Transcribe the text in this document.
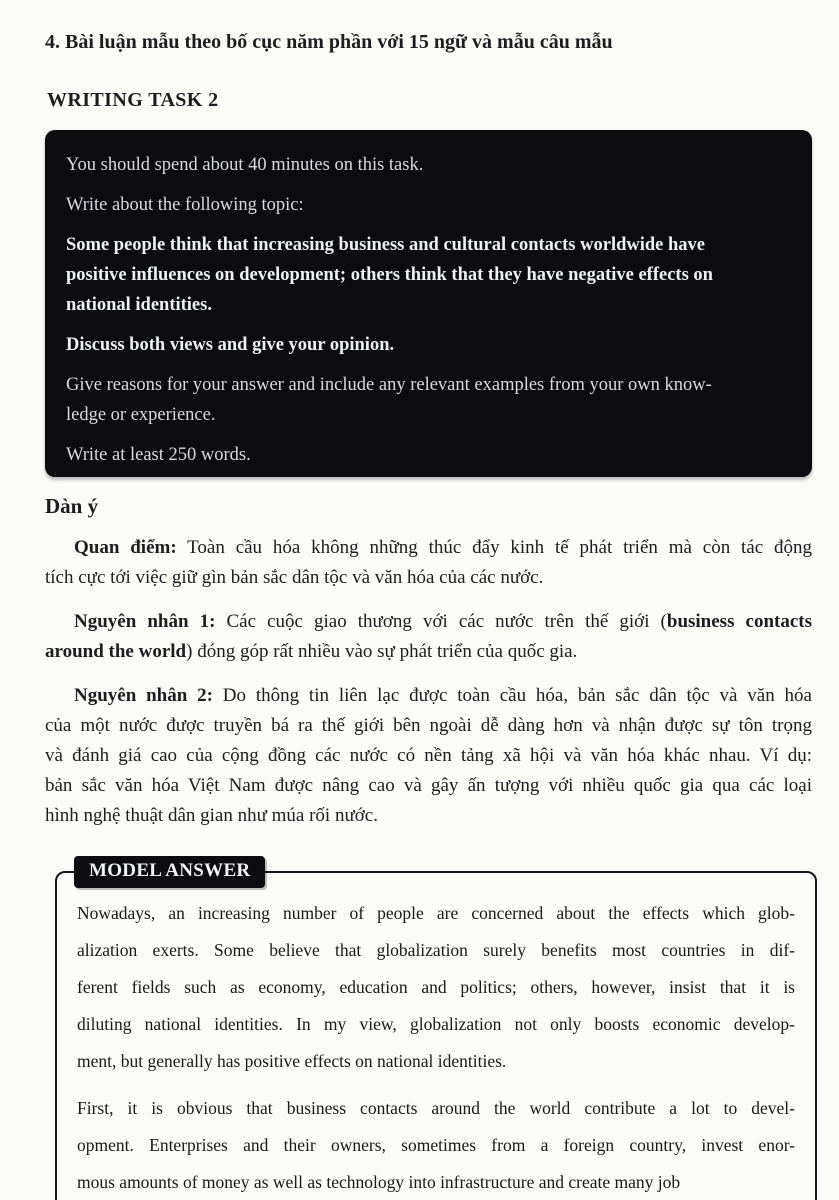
4. Bài luận mẫu theo bố cục năm phần với 15 ngữ và mẫu câu mẫu
WRITING TASK 2
You should spend about 40 minutes on this task.
Write about the following topic:
Some people think that increasing business and cultural contacts worldwide have
positive influences on development; others think that they have negative effects on
national identities.
Discuss both views and give your opinion.
Give reasons for your answer and include any relevant examples from your own know-
ledge or experience.
Write at least 250 words.
Dàn ý
Quan điểm: Toàn cầu hóa không những thúc đẩy kinh tế phát triển mà còn tác động
tích cực tới việc giữ gìn bản sắc dân tộc và văn hóa của các nước.
Nguyên nhân 1: Các cuộc giao thương với các nước trên thế giới (business contacts
around the world) đóng góp rất nhiều vào sự phát triển của quốc gia.
Nguyên nhân 2: Do thông tin liên lạc được toàn cầu hóa, bản sắc dân tộc và văn hóa
của một nước được truyền bá ra thế giới bên ngoài dễ dàng hơn và nhận được sự tôn trọng
và đánh giá cao của cộng đồng các nước có nền tảng xã hội và văn hóa khác nhau. Ví dụ:
bản sắc văn hóa Việt Nam được nâng cao và gây ấn tượng với nhiều quốc gia qua các loại
hình nghệ thuật dân gian như múa rối nước.
MODEL ANSWER
Nowadays, an increasing number of people are concerned about the effects which glob-
alization exerts. Some believe that globalization surely benefits most countries in dif-
ferent fields such as economy, education and politics; others, however, insist that it is
diluting national identities. In my view, globalization not only boosts economic develop-
ment, but generally has positive effects on national identities.
First, it is obvious that business contacts around the world contribute a lot to devel-
opment. Enterprises and their owners, sometimes from a foreign country, invest enor-
mous amounts of money as well as technology into infrastructure and create many job
